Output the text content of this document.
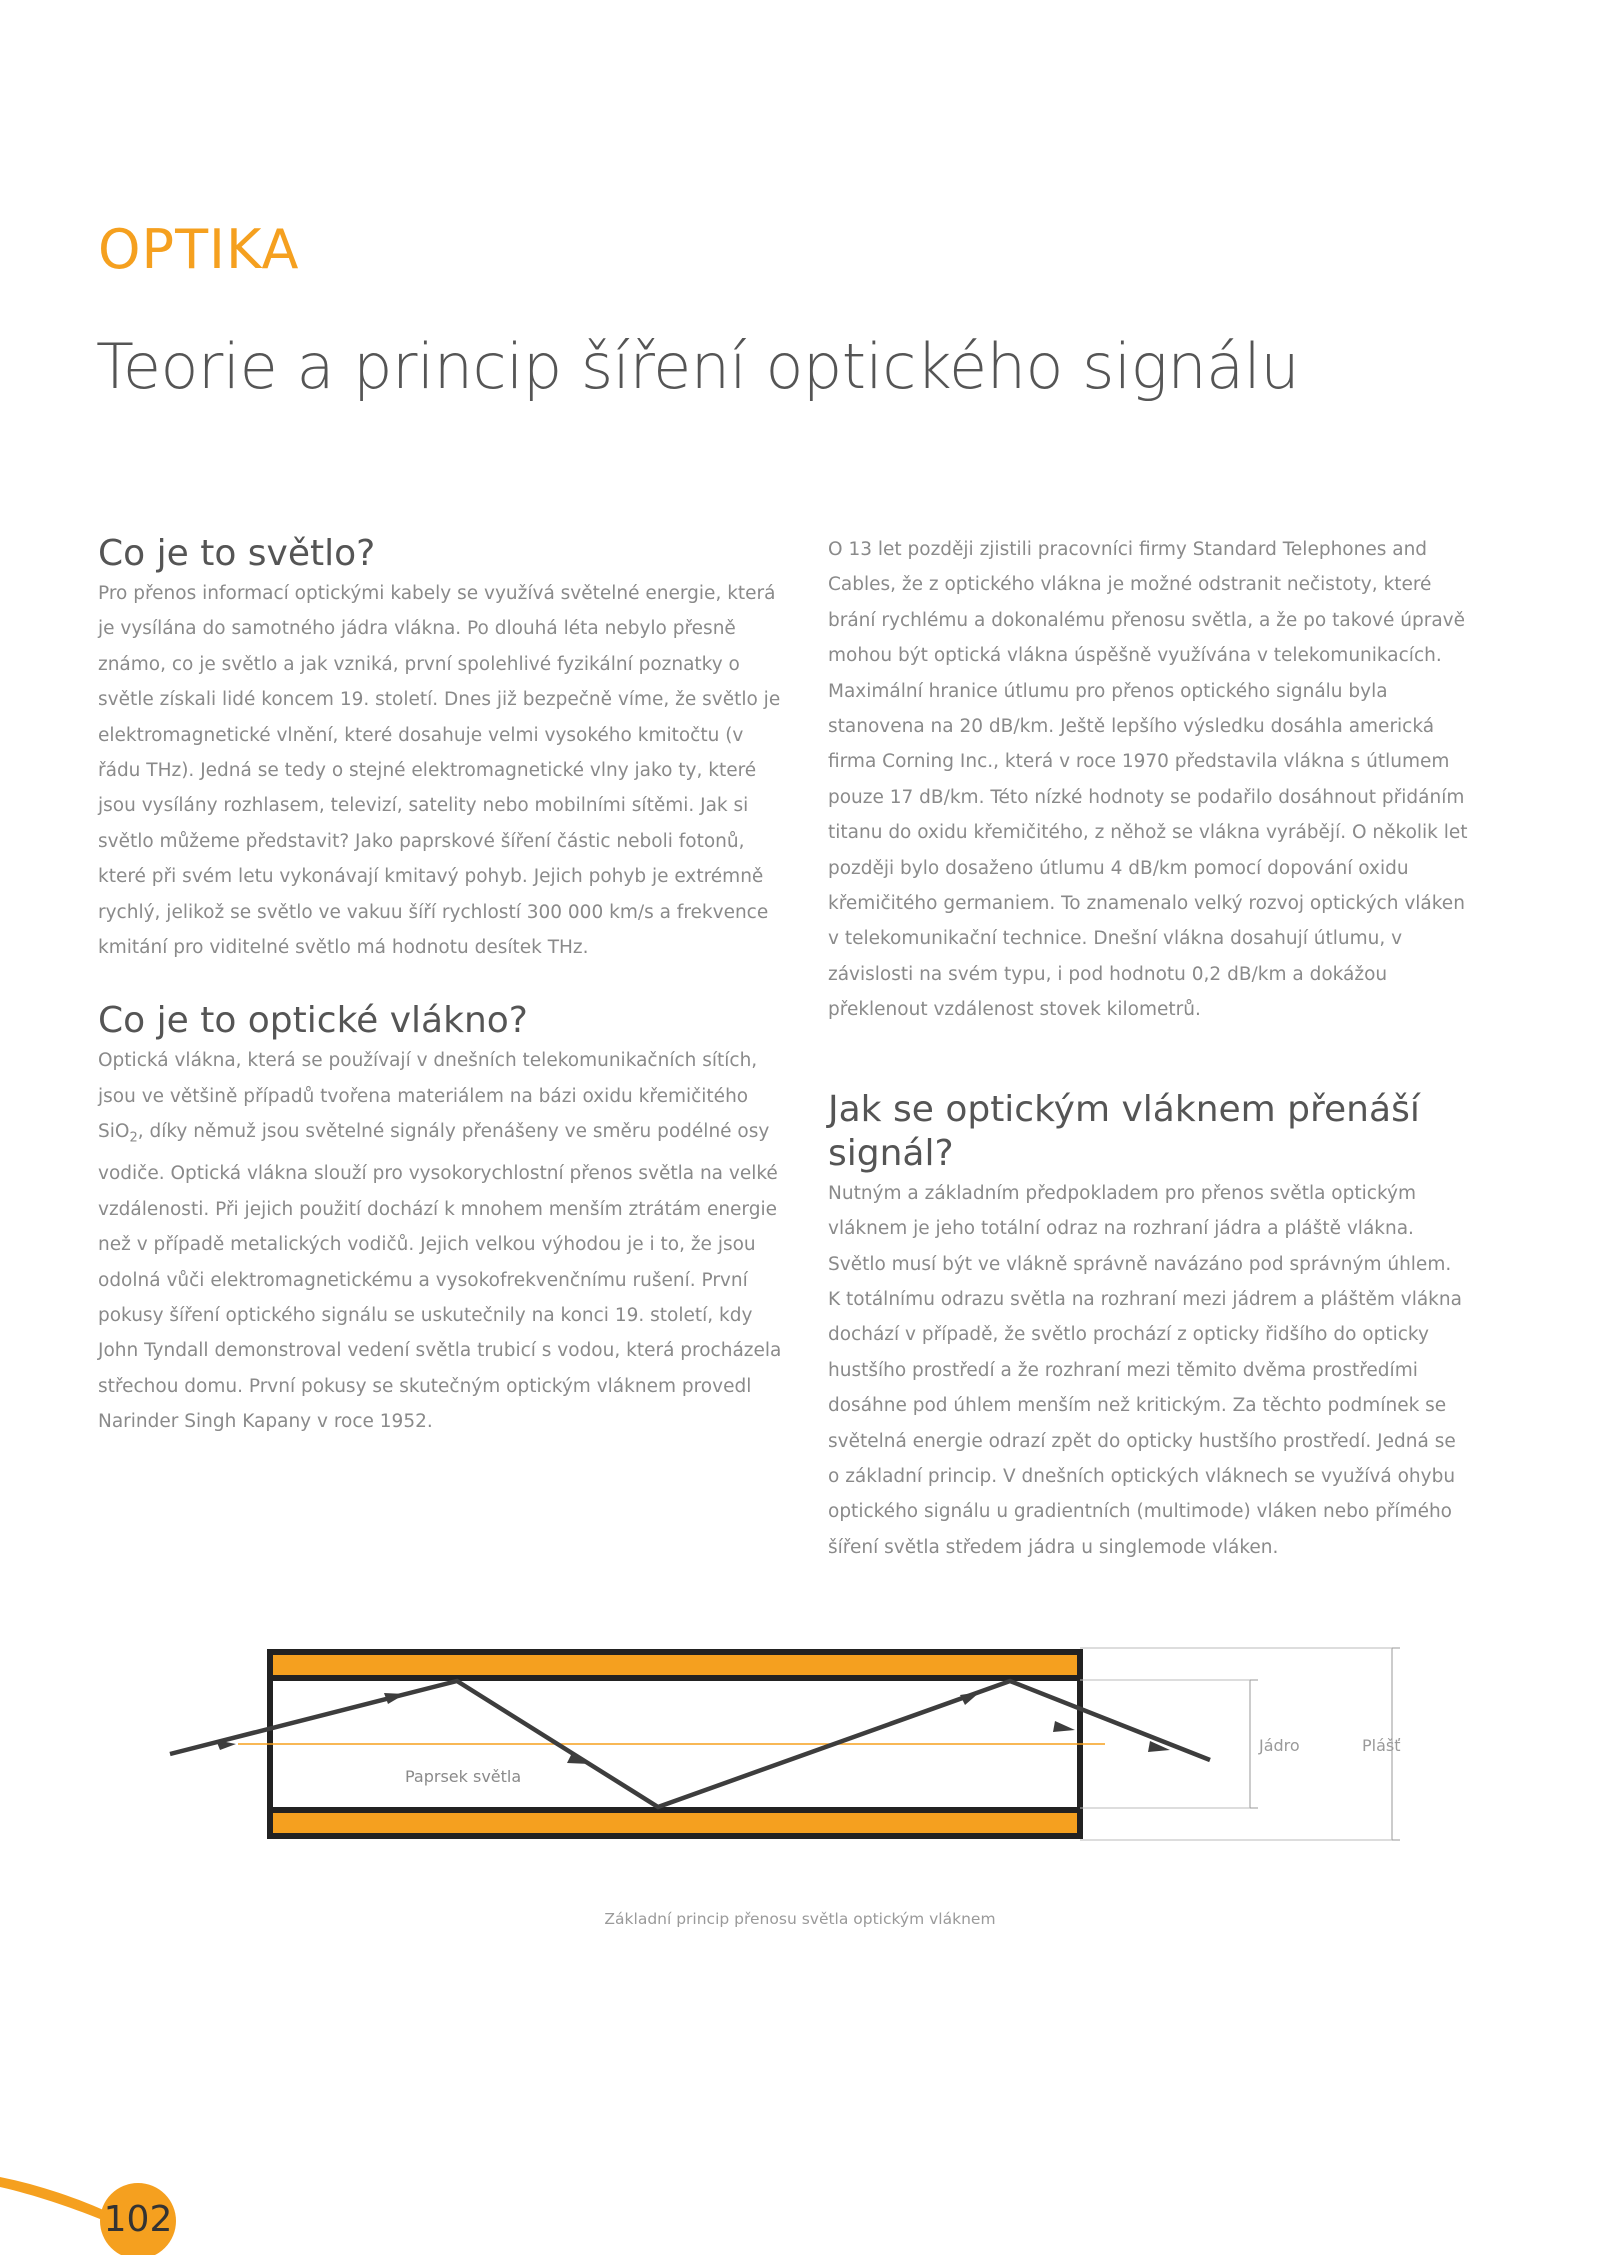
OPTIKA
Teorie a princip šíření optického signálu
Co je to světlo?

Pro přenos informací optickými kabely se využívá světelné energie, která je vysílána do samotného jádra vlákna. Po dlouhá léta nebylo přesně známo, co je světlo a jak vzniká, první spolehlivé fyzikální poznatky o světle získali lidé koncem 19. století. Dnes již bezpečně víme, že světlo je elektromagnetické vlnění, které dosahuje velmi vysokého kmitočtu (v řádu THz). Jedná se tedy o stejné elektromagnetické vlny jako ty, které jsou vysílány rozhlasem, televizí, satelity nebo mobilními sítěmi. Jak si světlo můžeme představit? Jako paprskové šíření částic neboli fotonů, které při svém letu vykonávají kmitavý pohyb. Jejich pohyb je extrémně rychlý, jelikož se světlo ve vakuu šíří rychlostí 300 000 km/s a frekvence kmitání pro viditelné světlo má hodnotu desítek THz.

Co je to optické vlákno?

Optická vlákna, která se používají v dnešních telekomunikačních sítích, jsou ve většině případů tvořena materiálem na bázi oxidu křemičitého SiO$_2$, díky němuž jsou světelné signály přenášeny ve směru podélné osy vodiče. Optická vlákna slouží pro vysokorychlostní přenos světla na velké vzdálenosti. Při jejich použití dochází k mnohem menším ztrátám energie než v případě metalických vodičů. Jejich velkou výhodou je i to, že jsou odolná vůči elektromagnetickému a vysokofrekvenčnímu rušení. První pokusy šíření optického signálu se uskutečnily na konci 19. století, kdy John Tyndall demonstroval vedení světla trubicí s vodou, která procházela střechou domu. První pokusy se skutečným optickým vláknem provedl Narinder Singh Kapany v roce 1952.

O 13 let později zjistili pracovníci firmy Standard Telephones and Cables, že z optického vlákna je možné odstranit nečistoty, které brání rychlému a dokonalému přenosu světla, a že po takové úpravě mohou být optická vlákna úspěšně využívána v telekomunikacích. Maximální hranice útlumu pro přenos optického signálu byla stanovena na 20 dB/km. Ještě lepšího výsledku dosáhla americká firma Corning Inc., která v roce 1970 představila vlákna s útlumem pouze 17 dB/km. Této nízké hodnoty se podařilo dosáhnout přidáním titanu do oxidu křemičitého, z něhož se vlákna vyrábějí. O několik let později bylo dosaženo útlumu 4 dB/km pomocí dopování oxidu křemičitého germaniem. To znamenalo velký rozvoj optických vláken v telekomunikační technice. Dnešní vlákna dosahují útlumu, v závislosti na svém typu, i pod hodnotu 0,2 dB/km a dokážou překlenout vzdálenost stovek kilometrů.

Jak se optickým vláknem přenáší signál?

Nutným a základním předpokladem pro přenos světla optickým vláknem je jeho totální odraz na rozhraní jádra a pláště vlákna. Světlo musí být ve vlákně správně navázáno pod správným úhlem. K totálnímu odrazu světla na rozhraní mezi jádrem a pláštěm vlákna dochází v případě, že světlo prochází z opticky řidšího do opticky hustšího prostředí a že rozhraní mezi těmito dvěma prostředími dosáhne pod úhlem menším než kritickým. Za těchto podmínek se světelná energie odrazí zpět do opticky hustšího prostředí. Jedná se o základní princip. V dnešních optických vláknech se využívá ohybu optického signálu u gradientních (multimode) vláken nebo přímého šíření světla středem jádra u singlemode vláken.

Paprsek světla
Jádro	Plášť
Základní princip přenosu světla optickým vláknem
102
